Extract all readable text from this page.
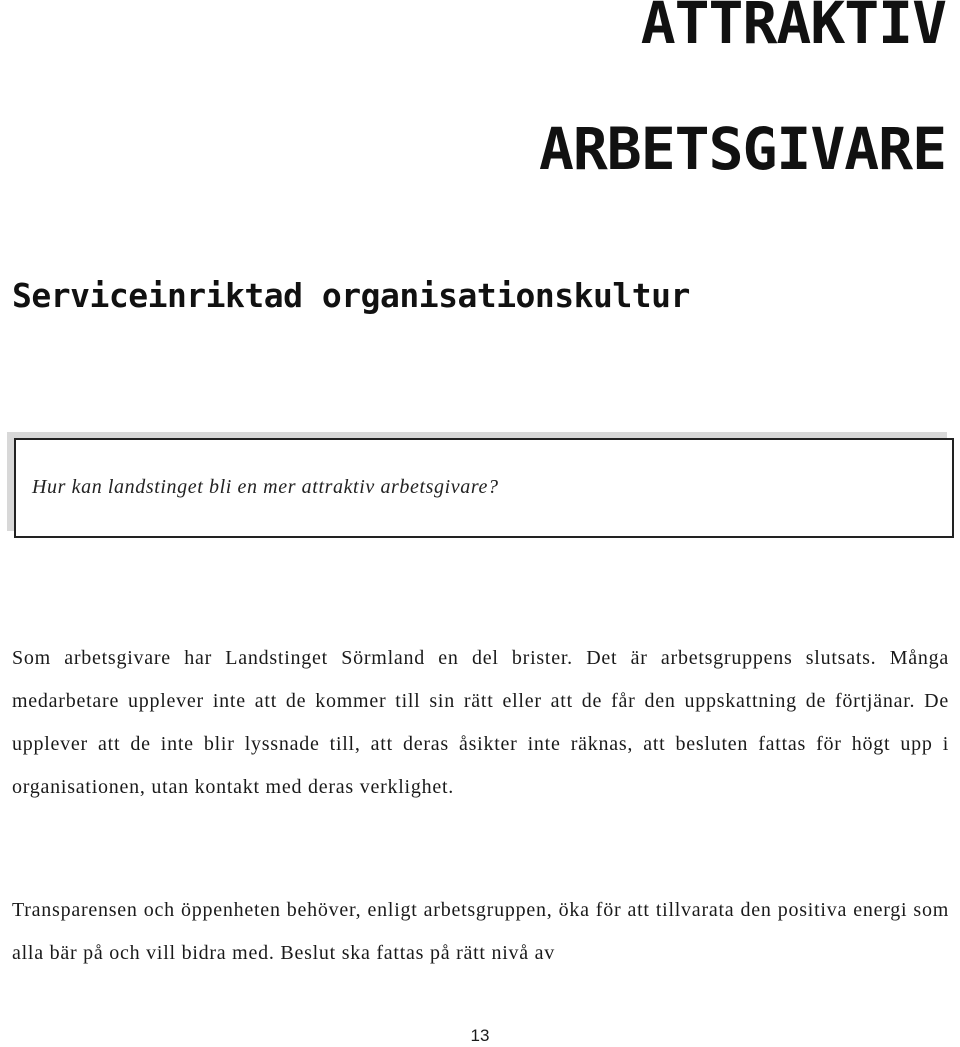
ATTRAKTIV
ARBETSGIVARE
Serviceinriktad organisationskultur
Hur kan landstinget bli en mer attraktiv arbetsgivare?

Som arbetsgivare har Landstinget Sörmland en del brister. Det är arbetsgruppens slutsats. Många medarbetare upplever inte att de kommer till sin rätt eller att de får den uppskattning de förtjänar. De upplever att de inte blir lyssnade till, att deras åsikter inte räknas, att besluten fattas för högt upp i organisationen, utan kontakt med deras verklighet.

Transparensen och öppenheten behöver, enligt arbetsgruppen, öka för att tillvarata den positiva energi som alla bär på och vill bidra med. Beslut ska fattas på rätt nivå av

13
